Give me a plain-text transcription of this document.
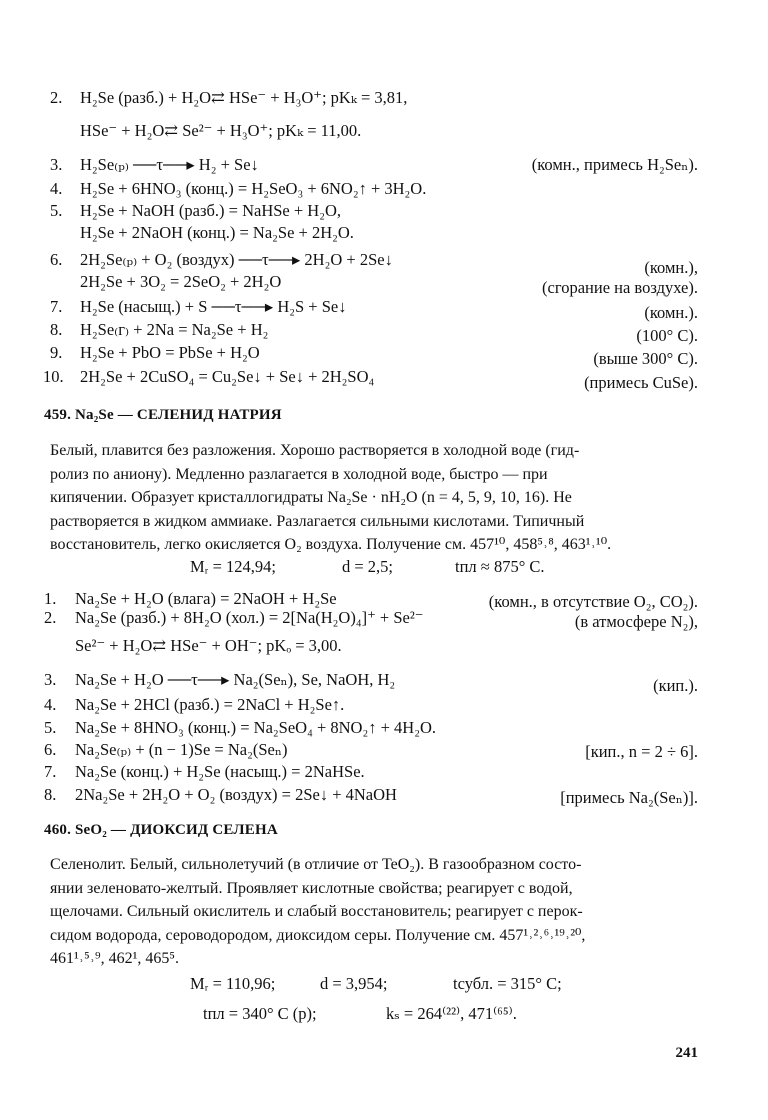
2. H₂Se (разб.) + H₂O⇄ HSe⁻ + H₃O⁺; pKₖ = 3,81,
HSe⁻ + H₂O⇄ Se²⁻ + H₃O⁺; pKₖ = 11,00.
3. H₂Se₍ₚ₎ ──τ──▸ H₂ + Se↓	(комн., примесь H₂Seₙ).
4. H₂Se + 6HNO₃ (конц.) = H₂SeO₃ + 6NO₂↑ + 3H₂O.
5. H₂Se + NaOH (разб.) = NaHSe + H₂O,
H₂Se + 2NaOH (конц.) = Na₂Se + 2H₂O.
6. 2H₂Se₍ₚ₎ + O₂ (воздух) ──τ──▸ 2H₂O + 2Se↓	(комн.),
2H₂Se + 3O₂ = 2SeO₂ + 2H₂O	(сгорание на воздухе).
7. H₂Se (насыщ.) + S ──τ──▸ H₂S + Se↓	(комн.).
8. H₂Se₍г₎ + 2Na = Na₂Se + H₂	(100° C).
9. H₂Se + PbO = PbSe + H₂O	(выше 300° C).
10. 2H₂Se + 2CuSO₄ = Cu₂Se↓ + Se↓ + 2H₂SO₄	(примесь CuSe).
459. Na₂Se — СЕЛЕНИД НАТРИЯ
Белый, плавится без разложения. Хорошо растворяется в холодной воде (гид-
ролиз по аниону). Медленно разлагается в холодной воде, быстро — при
кипячении. Образует кристаллогидраты Na₂Se · nH₂O (n = 4, 5, 9, 10, 16). Не
растворяется в жидком аммиаке. Разлагается сильными кислотами. Типичный
восстановитель, легко окисляется O₂ воздуха. Получение см. 457¹⁰, 458⁵˒⁸, 463¹˒¹⁰.
Mᵣ = 124,94;	d = 2,5;	tпл ≈ 875° C.
1. Na₂Se + H₂O (влага) = 2NaOH + H₂Se	(комн., в отсутствие O₂, CO₂).
2. Na₂Se (разб.) + 8H₂O (хол.) = 2[Na(H₂O)₄]⁺ + Se²⁻	(в атмосфере N₂),
Se²⁻ + H₂O⇄ HSe⁻ + OH⁻; pKₒ = 3,00.
3. Na₂Se + H₂O ──τ──▸ Na₂(Seₙ), Se, NaOH, H₂	(кип.).
4. Na₂Se + 2HCl (разб.) = 2NaCl + H₂Se↑.
5. Na₂Se + 8HNO₃ (конц.) = Na₂SeO₄ + 8NO₂↑ + 4H₂O.
6. Na₂Se₍ₚ₎ + (n − 1)Se = Na₂(Seₙ)	[кип., n = 2 ÷ 6].
7. Na₂Se (конц.) + H₂Se (насыщ.) = 2NaHSe.
8. 2Na₂Se + 2H₂O + O₂ (воздух) = 2Se↓ + 4NaOH	[примесь Na₂(Seₙ)].
460. SeO₂ — ДИОКСИД СЕЛЕНА
Селенолит. Белый, сильнолетучий (в отличие от TeO₂). В газообразном состо-
янии зеленовато-желтый. Проявляет кислотные свойства; реагирует с водой,
щелочами. Сильный окислитель и слабый восстановитель; реагирует с перок-
сидом водорода, сероводородом, диоксидом серы. Получение см. 457¹˒²˒⁶˒¹⁹˒²⁰,
461¹˒⁵˒⁹, 462¹, 465⁵.
Mᵣ = 110,96;	d = 3,954;	tсубл. = 315° C;
tпл = 340° C (p);	kₛ = 264⁽²²⁾, 471⁽⁶⁵⁾.
241
